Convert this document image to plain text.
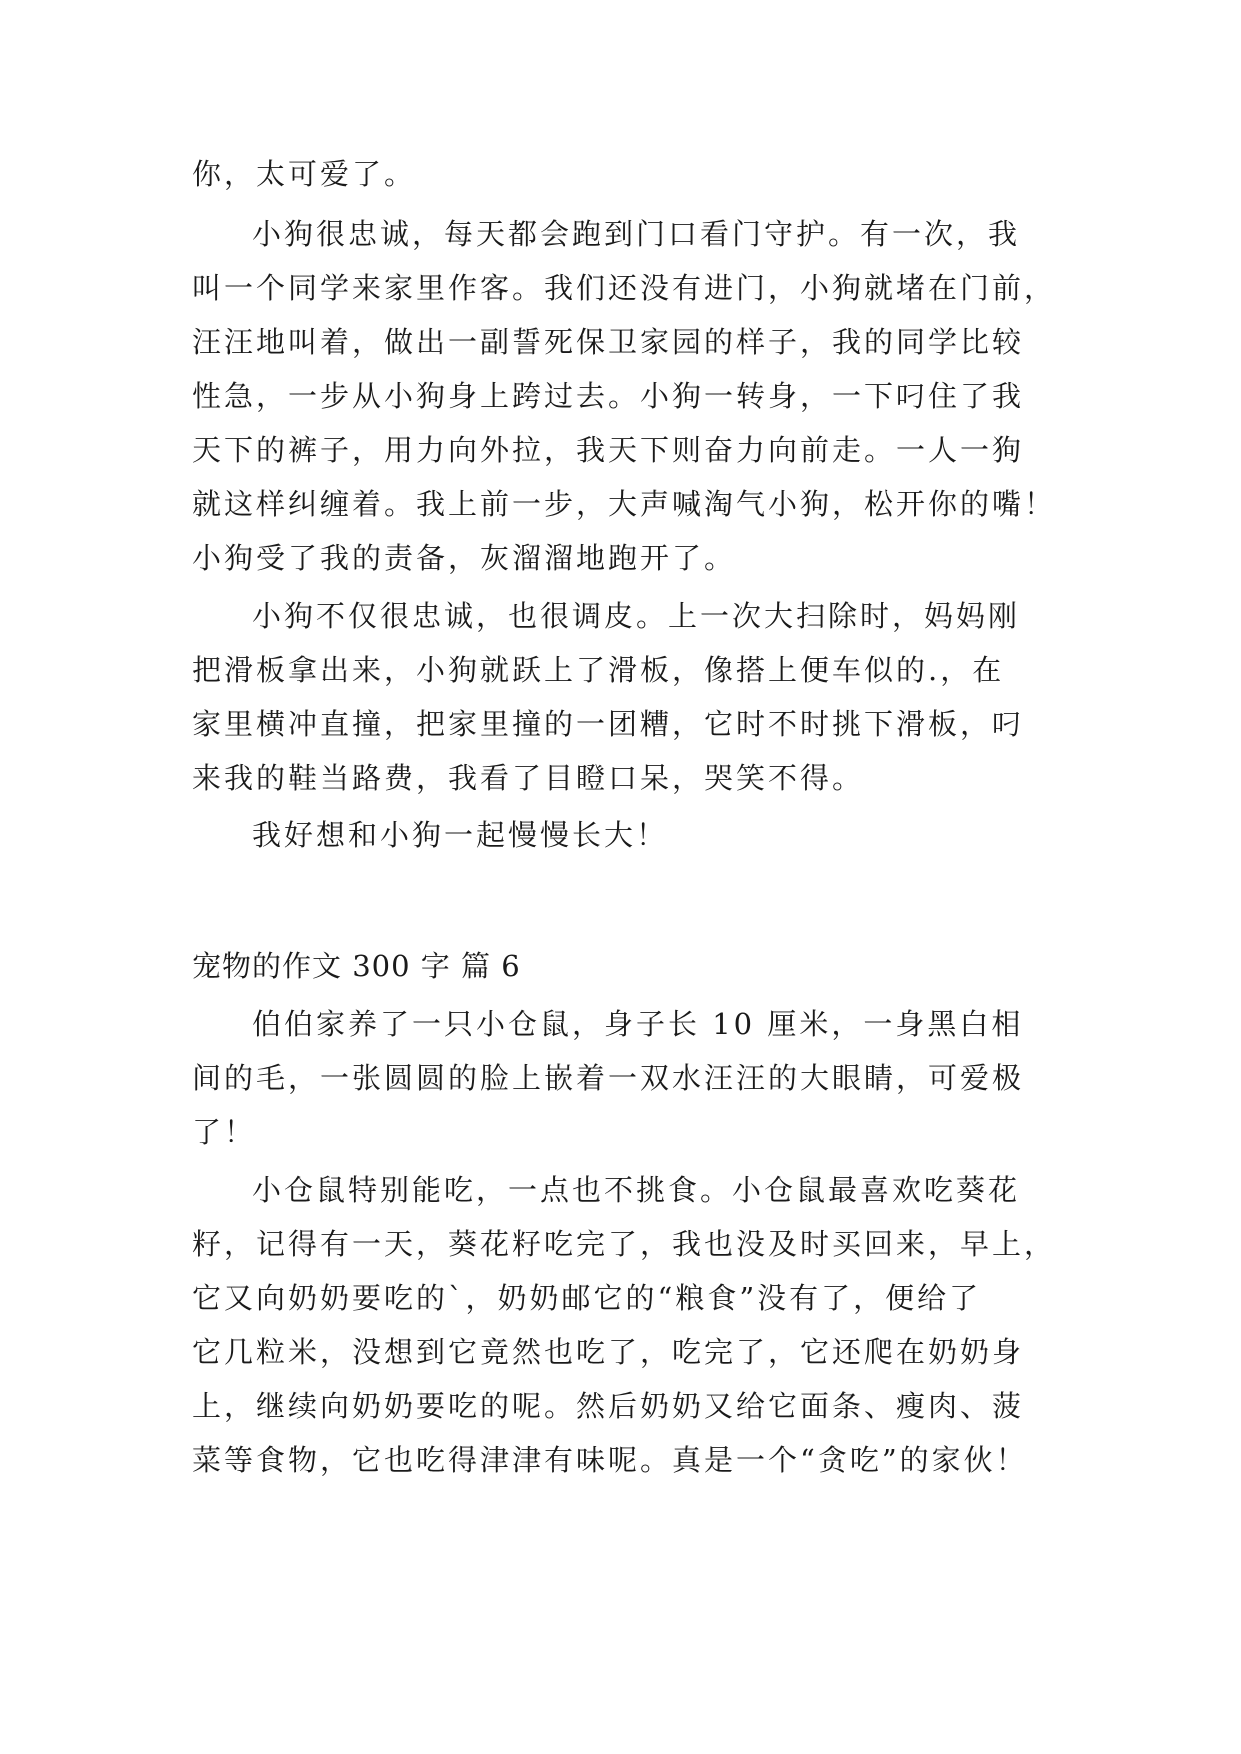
你，太可爱了。
小狗很忠诚，每天都会跑到门口看门守护。有一次，我
叫一个同学来家里作客。我们还没有进门，小狗就堵在门前，
汪汪地叫着，做出一副誓死保卫家园的样子，我的同学比较
性急，一步从小狗身上跨过去。小狗一转身，一下叼住了我
天下的裤子，用力向外拉，我天下则奋力向前走。一人一狗
就这样纠缠着。我上前一步，大声喊淘气小狗，松开你的嘴！
小狗受了我的责备，灰溜溜地跑开了。
小狗不仅很忠诚，也很调皮。上一次大扫除时，妈妈刚
把滑板拿出来，小狗就跃上了滑板，像搭上便车似的.，在
家里横冲直撞，把家里撞的一团糟，它时不时挑下滑板，叼
来我的鞋当路费，我看了目瞪口呆，哭笑不得。
我好想和小狗一起慢慢长大！
宠物的作文 300 字 篇 6
伯伯家养了一只小仓鼠，身子长 10 厘米，一身黑白相
间的毛，一张圆圆的脸上嵌着一双水汪汪的大眼睛，可爱极
了！
小仓鼠特别能吃，一点也不挑食。小仓鼠最喜欢吃葵花
籽，记得有一天，葵花籽吃完了，我也没及时买回来，早上，
它又向奶奶要吃的`，奶奶邮它的“粮食”没有了，便给了
它几粒米，没想到它竟然也吃了，吃完了，它还爬在奶奶身
上，继续向奶奶要吃的呢。然后奶奶又给它面条、瘦肉、菠
菜等食物，它也吃得津津有味呢。真是一个“贪吃”的家伙！
